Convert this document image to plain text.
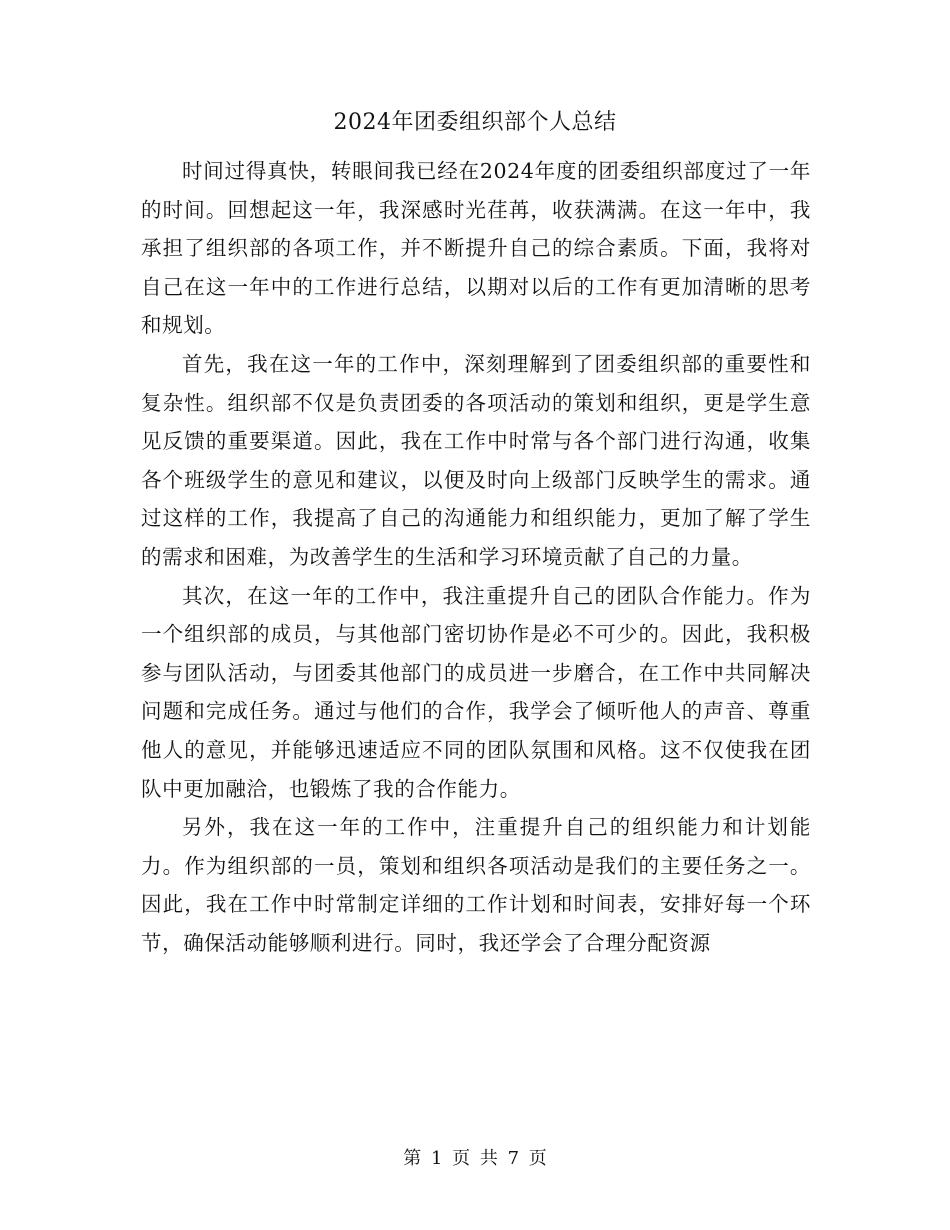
2024年团委组织部个人总结

时间过得真快，转眼间我已经在2024年度的团委组织部度过了一年的时间。回想起这一年，我深感时光荏苒，收获满满。在这一年中，我承担了组织部的各项工作，并不断提升自己的综合素质。下面，我将对自己在这一年中的工作进行总结，以期对以后的工作有更加清晰的思考和规划。

首先，我在这一年的工作中，深刻理解到了团委组织部的重要性和复杂性。组织部不仅是负责团委的各项活动的策划和组织，更是学生意见反馈的重要渠道。因此，我在工作中时常与各个部门进行沟通，收集各个班级学生的意见和建议，以便及时向上级部门反映学生的需求。通过这样的工作，我提高了自己的沟通能力和组织能力，更加了解了学生的需求和困难，为改善学生的生活和学习环境贡献了自己的力量。

其次，在这一年的工作中，我注重提升自己的团队合作能力。作为一个组织部的成员，与其他部门密切协作是必不可少的。因此，我积极参与团队活动，与团委其他部门的成员进一步磨合，在工作中共同解决问题和完成任务。通过与他们的合作，我学会了倾听他人的声音、尊重他人的意见，并能够迅速适应不同的团队氛围和风格。这不仅使我在团队中更加融洽，也锻炼了我的合作能力。

另外，我在这一年的工作中，注重提升自己的组织能力和计划能力。作为组织部的一员，策划和组织各项活动是我们的主要任务之一。因此，我在工作中时常制定详细的工作计划和时间表，安排好每一个环节，确保活动能够顺利进行。同时，我还学会了合理分配资源

第 1 页 共 7 页
